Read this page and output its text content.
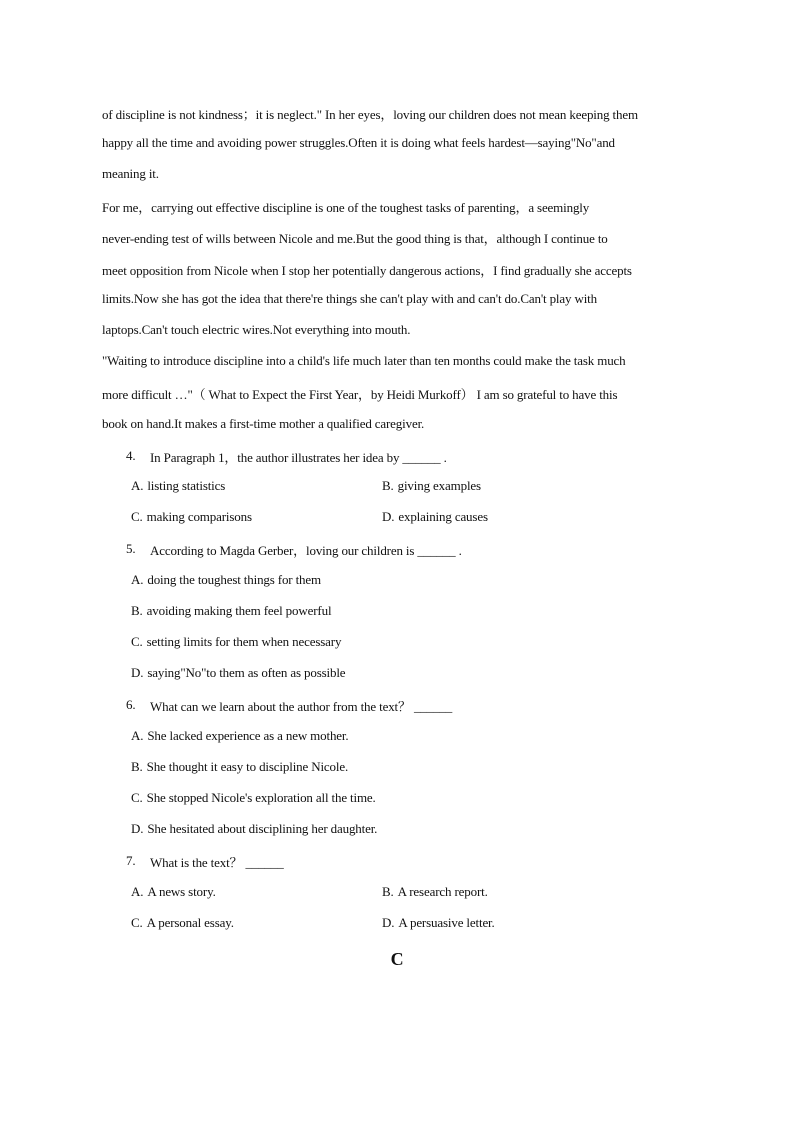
of discipline is not kindness；it is neglect." In her eyes，loving our children does not mean keeping them
happy all the time and avoiding power struggles.Often it is doing what feels hardest—saying"No"and
meaning it.
For me，carrying out effective discipline is one of the toughest tasks of parenting，a seemingly
never-ending test of wills between Nicole and me.But the good thing is that，although I continue to
meet opposition from Nicole when I stop her potentially dangerous actions，I find gradually she accepts
limits.Now she has got the idea that there're things she can't play with and can't do.Can't play with
laptops.Can't touch electric wires.Not everything into mouth.
"Waiting to introduce discipline into a child's life much later than ten months could make the task much
more difficult …"（ What to Expect the First Year，by Heidi Murkoff） I am so grateful to have this
book on hand.It makes a first-time mother a qualified caregiver.
4. In Paragraph 1，the author illustrates her idea by ______ .
A. listing statistics	B. giving examples
C. making comparisons	D. explaining causes
5. According to Magda Gerber，loving our children is ______ .
A. doing the toughest things for them
B. avoiding making them feel powerful
C. setting limits for them when necessary
D. saying"No"to them as often as possible
6. What can we learn about the author from the text？ ______
A. She lacked experience as a new mother.
B. She thought it easy to discipline Nicole.
C. She stopped Nicole's exploration all the time.
D. She hesitated about disciplining her daughter.
7. What is the text？ ______
A. A news story.	B. A research report.
C. A personal essay.	D. A persuasive letter.
C
